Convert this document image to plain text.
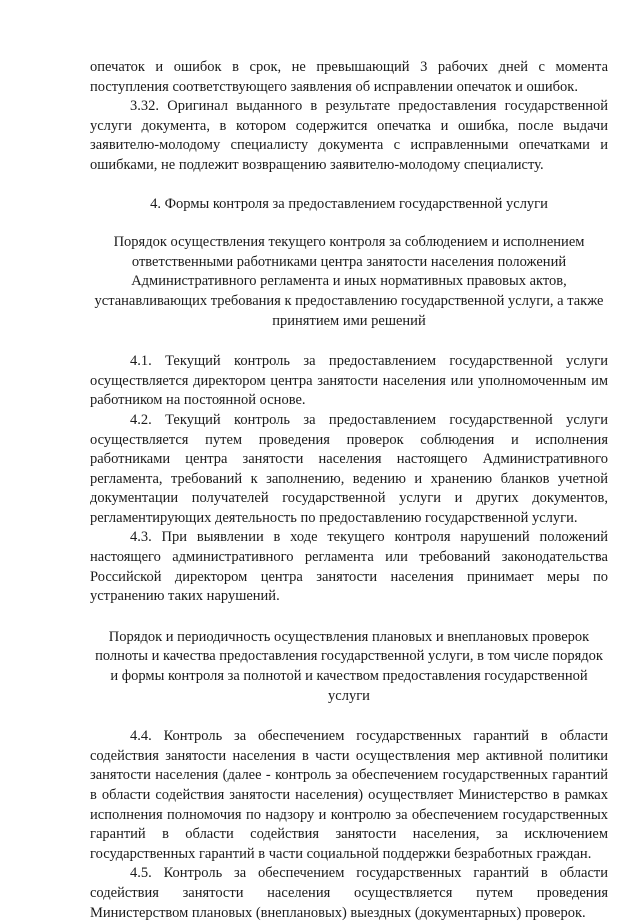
опечаток и ошибок в срок, не превышающий 3 рабочих дней с момента поступления соответствующего заявления об исправлении опечаток и ошибок.

3.32. Оригинал выданного в результате предоставления государственной услуги документа, в котором содержится опечатка и ошибка, после выдачи заявителю-молодому специалисту документа с исправленными опечатками и ошибками, не подлежит возвращению заявителю-молодому специалисту.

4. Формы контроля за предоставлением государственной услуги

Порядок осуществления текущего контроля за соблюдением и исполнением ответственными работниками центра занятости населения положений Административного регламента и иных нормативных правовых актов, устанавливающих требования к предоставлению государственной услуги, а также принятием ими решений

4.1. Текущий контроль за предоставлением государственной услуги осуществляется директором центра занятости населения или уполномоченным им работником на постоянной основе.

4.2. Текущий контроль за предоставлением государственной услуги осуществляется путем проведения проверок соблюдения и исполнения работниками центра занятости населения настоящего Административного регламента, требований к заполнению, ведению и хранению бланков учетной документации получателей государственной услуги и других документов, регламентирующих деятельность по предоставлению государственной услуги.

4.3. При выявлении в ходе текущего контроля нарушений положений настоящего административного регламента или требований законодательства Российской директором центра занятости населения принимает меры по устранению таких нарушений.

Порядок и периодичность осуществления плановых и внеплановых проверок полноты и качества предоставления государственной услуги, в том числе порядок и формы контроля за полнотой и качеством предоставления государственной услуги

4.4. Контроль за обеспечением государственных гарантий в области содействия занятости населения в части осуществления мер активной политики занятости населения (далее - контроль за обеспечением государственных гарантий в области содействия занятости населения) осуществляет Министерство в рамках исполнения полномочия по надзору и контролю за обеспечением государственных гарантий в области содействия занятости населения, за исключением государственных гарантий в части социальной поддержки безработных граждан.

4.5. Контроль за обеспечением государственных гарантий в области содействия занятости населения осуществляется путем проведения Министерством плановых (внеплановых) выездных (документарных) проверок.
